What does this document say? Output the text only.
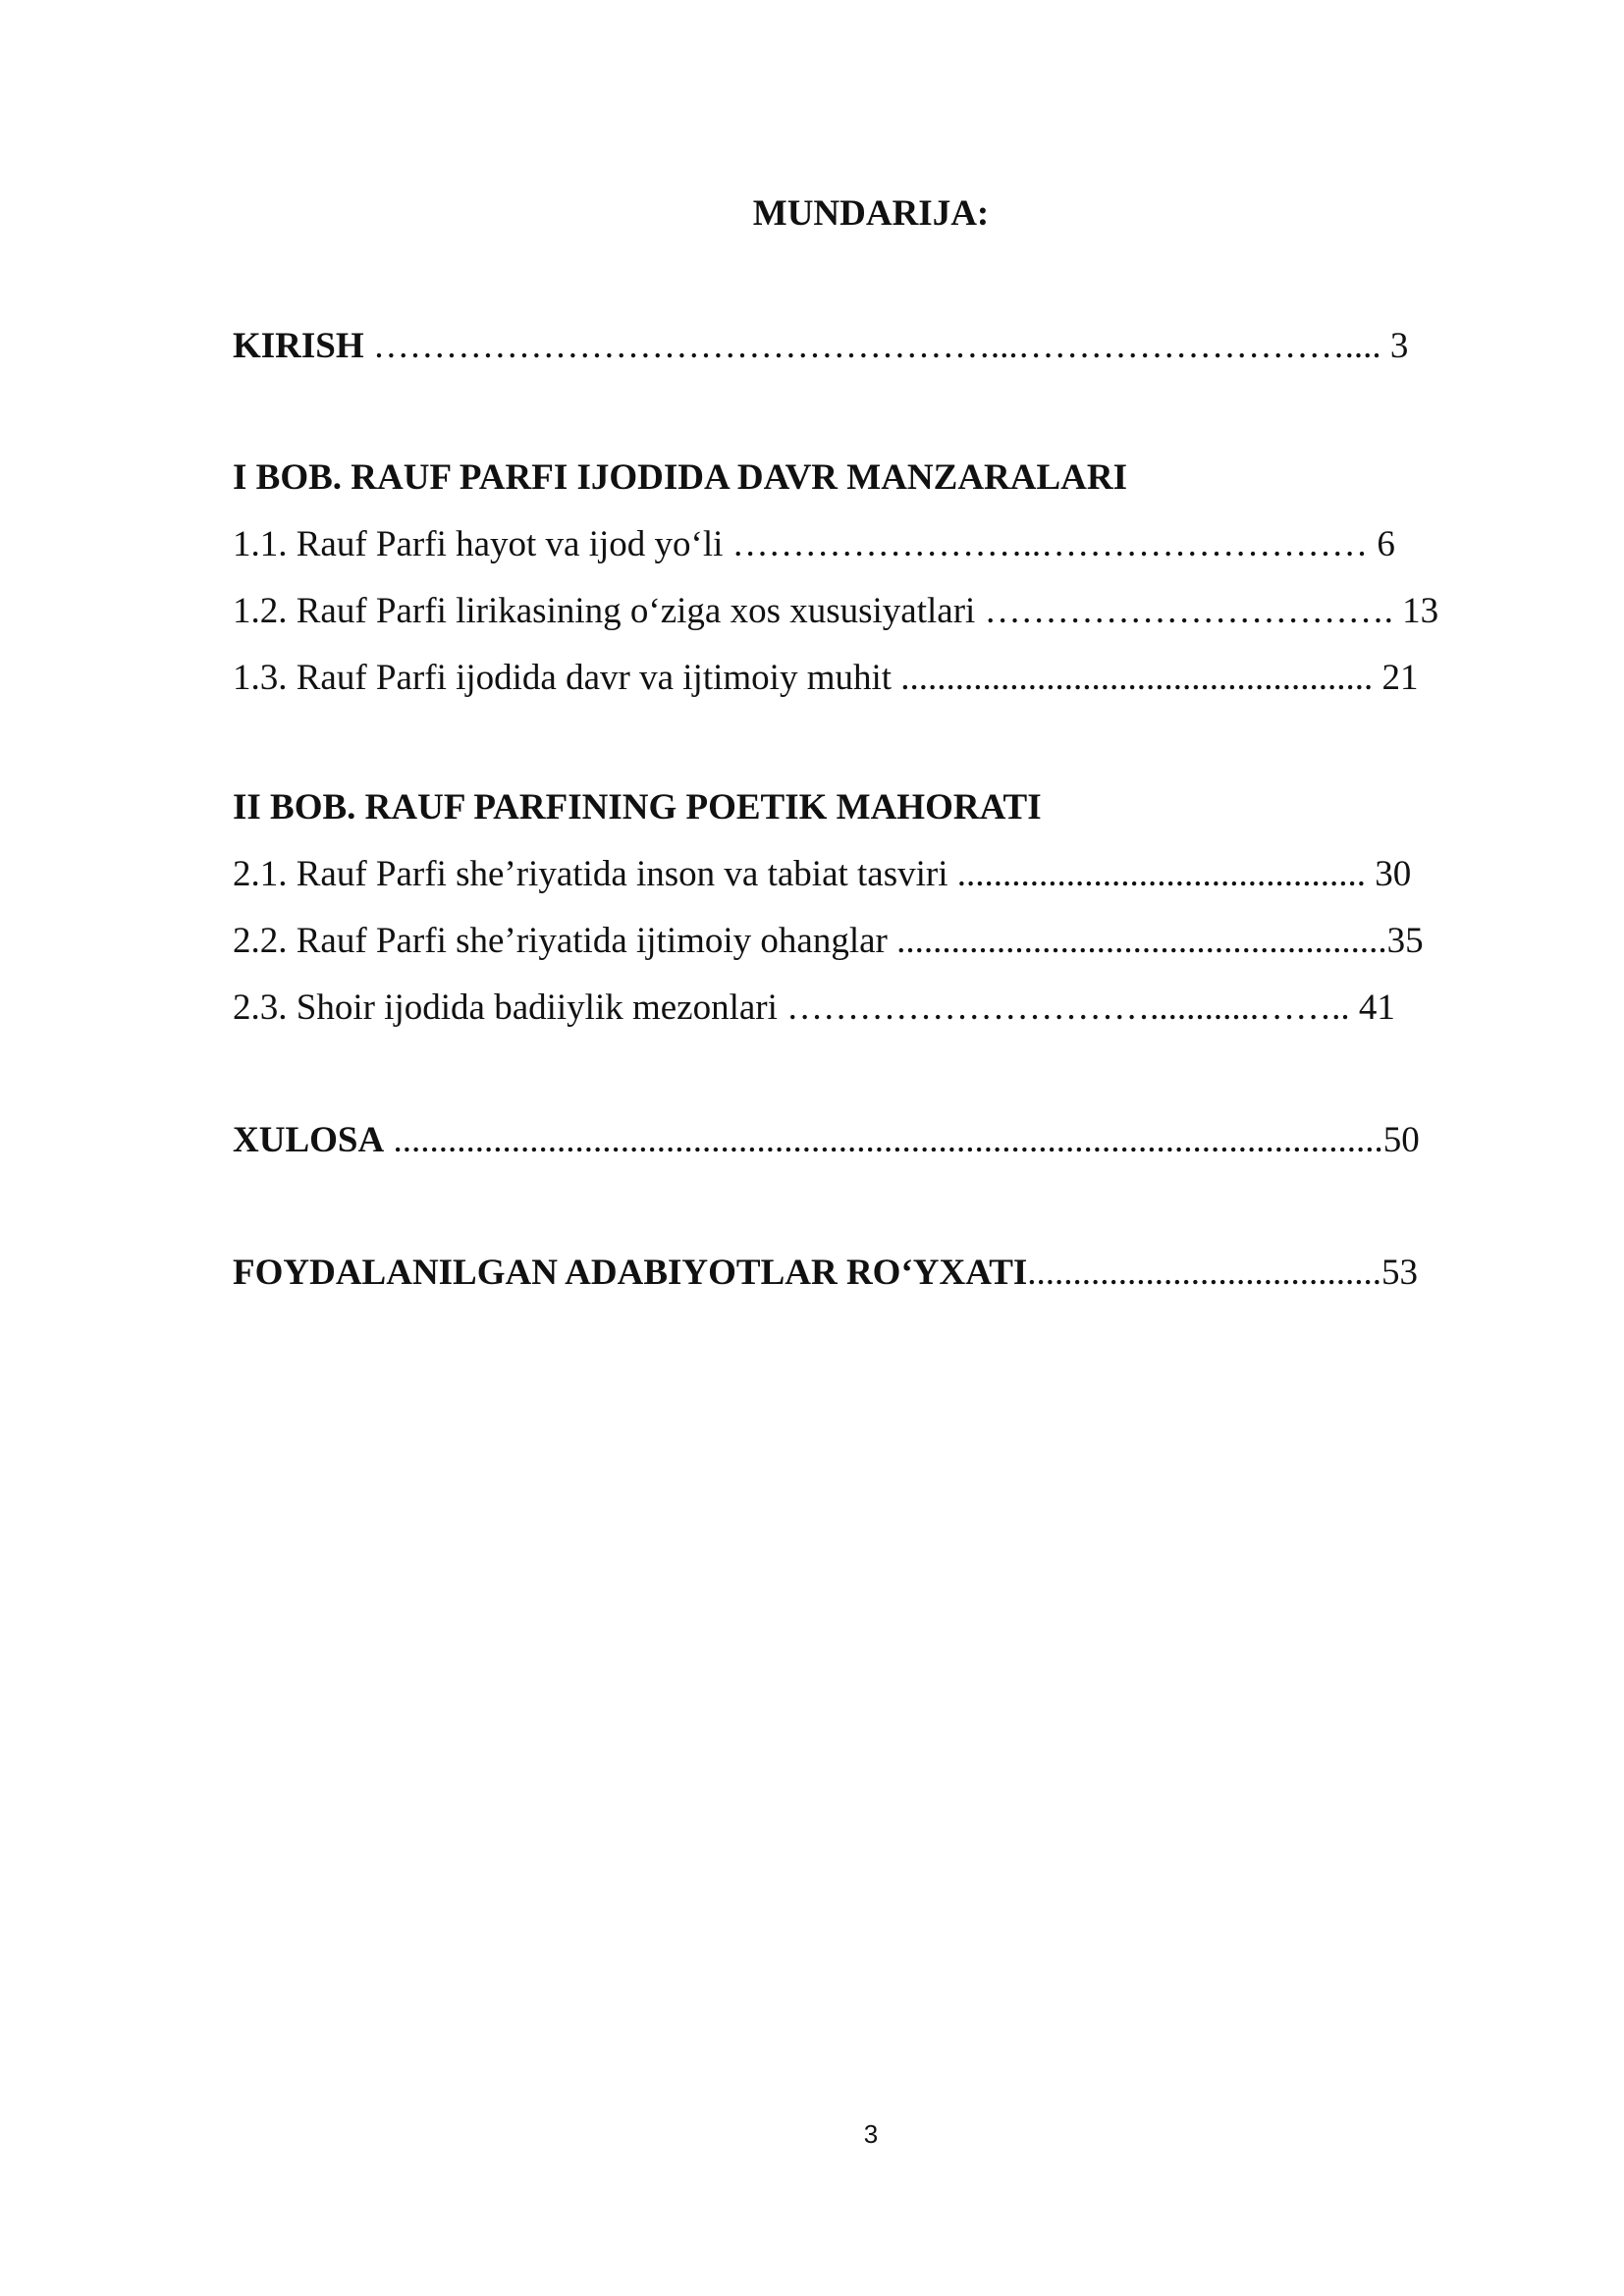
MUNDARIJA:
KIRISH ……………………………………………...……………………….... 3
I BOB. RAUF PARFI IJODIDA DAVR MANZARALARI
1.1. Rauf Parfi hayot va ijod yo‘li ……………………..……………………… 6
1.2. Rauf Parfi lirikasining o‘ziga xos xususiyatlari ……………………………. 13
1.3. Rauf Parfi ijodida davr va ijtimoiy muhit .................................................... 21
II BOB. RAUF PARFINING POETIK MAHORATI
2.1. Rauf Parfi she’riyatida inson va tabiat tasviri ............................................. 30
2.2. Rauf Parfi she’riyatida ijtimoiy ohanglar ......................................................35
2.3. Shoir ijodida badiiylik mezonlari …………………………............…….. 41
XULOSA .............................................................................................................50
FOYDALANILGAN ADABIYOTLAR RO‘YXATI.......................................53
3
